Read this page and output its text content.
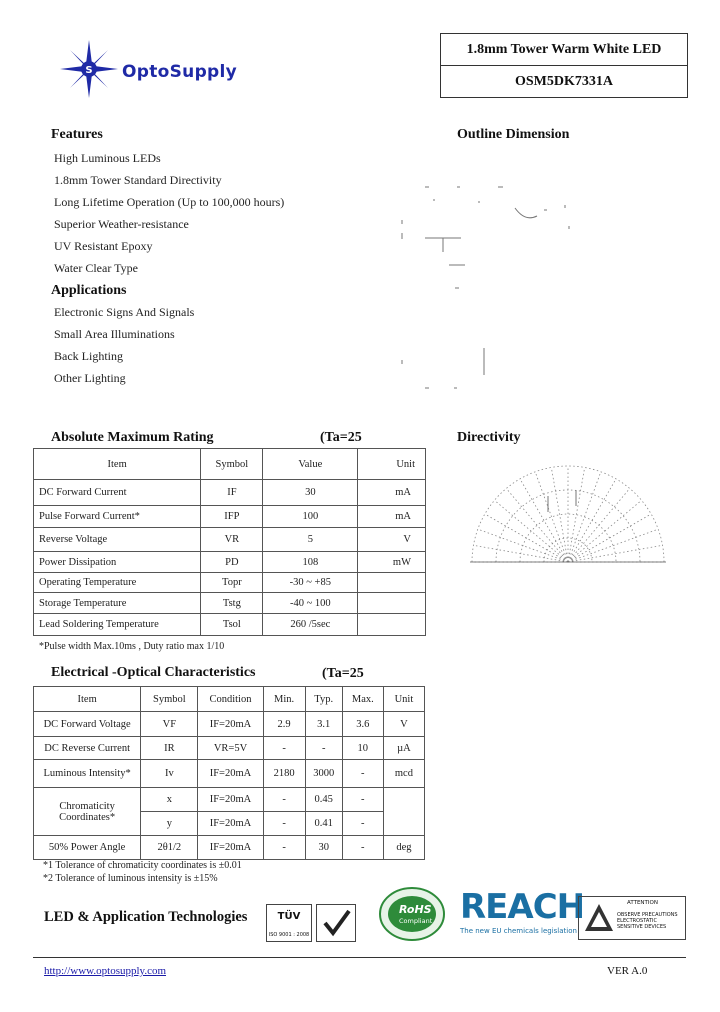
S OptoSupply
1.8mm Tower Warm White LED
OSM5DK7331A
Features
High Luminous LEDs
1.8mm Tower Standard Directivity
Long Lifetime Operation (Up to 100,000 hours)
Superior Weather-resistance
UV Resistant Epoxy
Water Clear Type
Applications
Electronic Signs And Signals
Small Area Illuminations
Back Lighting
Other Lighting
Outline Dimension
Absolute Maximum Rating	(Ta=25
Item	Symbol	Value	Unit
DC Forward Current	IF	30	mA
Pulse Forward Current*	IFP	100	mA
Reverse Voltage	VR	5	V
Power Dissipation	PD	108	mW
Operating Temperature	Topr	-30 ~ +85	
Storage Temperature	Tstg	-40 ~ 100	
Lead Soldering Temperature	Tsol	260 /5sec	
*Pulse width Max.10ms , Duty ratio max 1/10
Directivity
Electrical -Optical Characteristics	(Ta=25
Item	Symbol	Condition	Min.	Typ.	Max.	Unit
DC Forward Voltage	VF	IF=20mA	2.9	3.1	3.6	V
DC Reverse Current	IR	VR=5V	-	-	10	µA
Luminous Intensity*	Iv	IF=20mA	2180	3000	-	mcd
Chromaticity Coordinates*	x	IF=20mA	-	0.45	-	
	y	IF=20mA	-	0.41	-	
50% Power Angle	2θ1/2	IF=20mA	-	30	-	deg
*1 Tolerance of chromaticity coordinates is ±0.01
*2 Tolerance of luminous intensity is ±15%
LED & Application Technologies	TÜV
ISO 9001 : 2008
RoHS
Compliant REACH
The new EU chemicals legislation
ATTENTION
OBSERVE PRECAUTIONS ELECTROSTATIC SENSITIVE DEVICES
http://www.optosupply.com	VER A.0
